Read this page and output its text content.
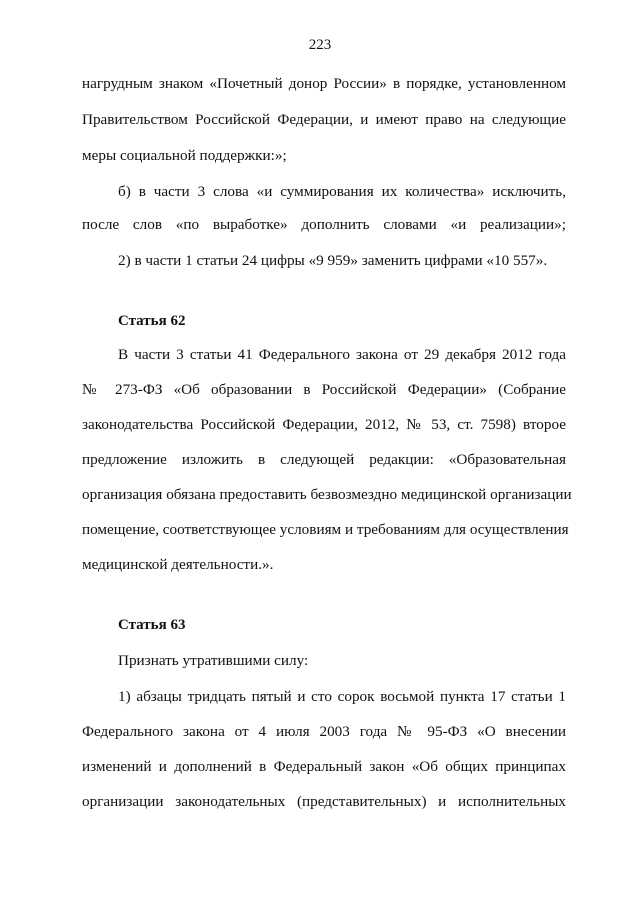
223
нагрудным знаком «Почетный донор России» в порядке, установленном
Правительством Российской Федерации, и имеют право на следующие
меры социальной поддержки:»;
б) в части 3 слова «и суммирования их количества» исключить,
после слов «по выработке» дополнить словами «и реализации»;
2) в части 1 статьи 24 цифры «9 959» заменить цифрами «10 557».
Статья 62
В части 3 статьи 41 Федерального закона от 29 декабря 2012 года
№ 273-ФЗ «Об образовании в Российской Федерации» (Собрание
законодательства Российской Федерации, 2012, № 53, ст. 7598) второе
предложение изложить в следующей редакции: «Образовательная
организация обязана предоставить безвозмездно медицинской организации
помещение, соответствующее условиям и требованиям для осуществления
медицинской деятельности.».
Статья 63
Признать утратившими силу:
1) абзацы тридцать пятый и сто сорок восьмой пункта 17 статьи 1
Федерального закона от 4 июля 2003 года № 95-ФЗ «О внесении
изменений и дополнений в Федеральный закон «Об общих принципах
организации законодательных (представительных) и исполнительных
